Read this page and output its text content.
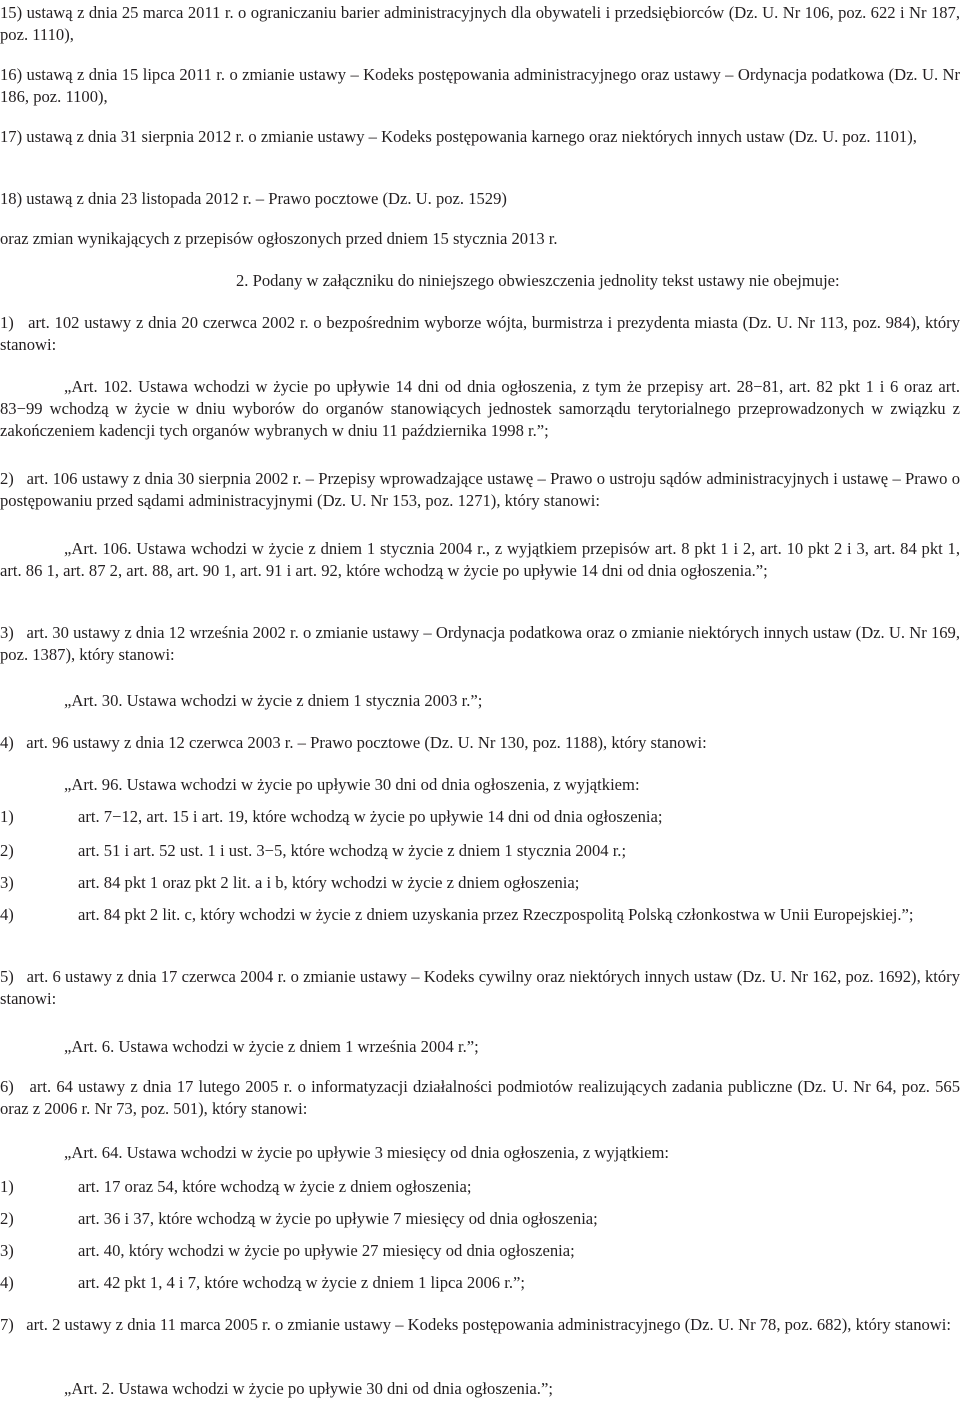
15) ustawą z dnia 25 marca 2011 r. o ograniczaniu barier administracyjnych dla obywateli i przedsiębiorców (Dz. U. Nr 106, poz. 622 i Nr 187, poz. 1110),
16) ustawą z dnia 15 lipca 2011 r. o zmianie ustawy – Kodeks postępowania administracyjnego oraz ustawy – Ordynacja podatkowa (Dz. U. Nr 186, poz. 1100),
17) ustawą z dnia 31 sierpnia 2012 r. o zmianie ustawy – Kodeks postępowania karnego oraz niektórych innych ustaw (Dz. U. poz. 1101),
18) ustawą z dnia 23 listopada 2012 r. – Prawo pocztowe (Dz. U. poz. 1529)
oraz zmian wynikających z przepisów ogłoszonych przed dniem 15 stycznia 2013 r.
2. Podany w załączniku do niniejszego obwieszczenia jednolity tekst ustawy nie obejmuje:
1) art. 102 ustawy z dnia 20 czerwca 2002 r. o bezpośrednim wyborze wójta, burmistrza i prezydenta miasta (Dz. U. Nr 113, poz. 984), który stanowi:
„Art. 102. Ustawa wchodzi w życie po upływie 14 dni od dnia ogłoszenia, z tym że przepisy art. 28−81, art. 82 pkt 1 i 6 oraz art. 83−99 wchodzą w życie w dniu wyborów do organów stanowiących jednostek samorządu terytorialnego przeprowadzonych w związku z zakończeniem kadencji tych organów wybranych w dniu 11 października 1998 r.”;
2) art. 106 ustawy z dnia 30 sierpnia 2002 r. – Przepisy wprowadzające ustawę – Prawo o ustroju sądów administracyjnych i ustawę – Prawo o postępowaniu przed sądami administracyjnymi (Dz. U. Nr 153, poz. 1271), który stanowi:
„Art. 106. Ustawa wchodzi w życie z dniem 1 stycznia 2004 r., z wyjątkiem przepisów art. 8 pkt 1 i 2, art. 10 pkt 2 i 3, art. 84 pkt 1, art. 86 1, art. 87 2, art. 88, art. 90 1, art. 91 i art. 92, które wchodzą w życie po upływie 14 dni od dnia ogłoszenia.”;
3) art. 30 ustawy z dnia 12 września 2002 r. o zmianie ustawy – Ordynacja podatkowa oraz o zmianie niektórych innych ustaw (Dz. U. Nr 169, poz. 1387), który stanowi:
„Art. 30. Ustawa wchodzi w życie z dniem 1 stycznia 2003 r.”;
4) art. 96 ustawy z dnia 12 czerwca 2003 r. – Prawo pocztowe (Dz. U. Nr 130, poz. 1188), który stanowi:
„Art. 96. Ustawa wchodzi w życie po upływie 30 dni od dnia ogłoszenia, z wyjątkiem:
1)	art. 7−12, art. 15 i art. 19, które wchodzą w życie po upływie 14 dni od dnia ogłoszenia;
2)	art. 51 i art. 52 ust. 1 i ust. 3−5, które wchodzą w życie z dniem 1 stycznia 2004 r.;
3)	art. 84 pkt 1 oraz pkt 2 lit. a i b, który wchodzi w życie z dniem ogłoszenia;
4)	art. 84 pkt 2 lit. c, który wchodzi w życie z dniem uzyskania przez Rzeczpospolitą Polską członkostwa w Unii Europejskiej.”;
5) art. 6 ustawy z dnia 17 czerwca 2004 r. o zmianie ustawy – Kodeks cywilny oraz niektórych innych ustaw (Dz. U. Nr 162, poz. 1692), który stanowi:
„Art. 6. Ustawa wchodzi w życie z dniem 1 września 2004 r.”;
6) art. 64 ustawy z dnia 17 lutego 2005 r. o informatyzacji działalności podmiotów realizujących zadania publiczne (Dz. U. Nr 64, poz. 565 oraz z 2006 r. Nr 73, poz. 501), który stanowi:
„Art. 64. Ustawa wchodzi w życie po upływie 3 miesięcy od dnia ogłoszenia, z wyjątkiem:
1)	art. 17 oraz 54, które wchodzą w życie z dniem ogłoszenia;
2)	art. 36 i 37, które wchodzą w życie po upływie 7 miesięcy od dnia ogłoszenia;
3)	art. 40, który wchodzi w życie po upływie 27 miesięcy od dnia ogłoszenia;
4)	art. 42 pkt 1, 4 i 7, które wchodzą w życie z dniem 1 lipca 2006 r.”;
7) art. 2 ustawy z dnia 11 marca 2005 r. o zmianie ustawy – Kodeks postępowania administracyjnego (Dz. U. Nr 78, poz. 682), który stanowi:
„Art. 2. Ustawa wchodzi w życie po upływie 30 dni od dnia ogłoszenia.”;
